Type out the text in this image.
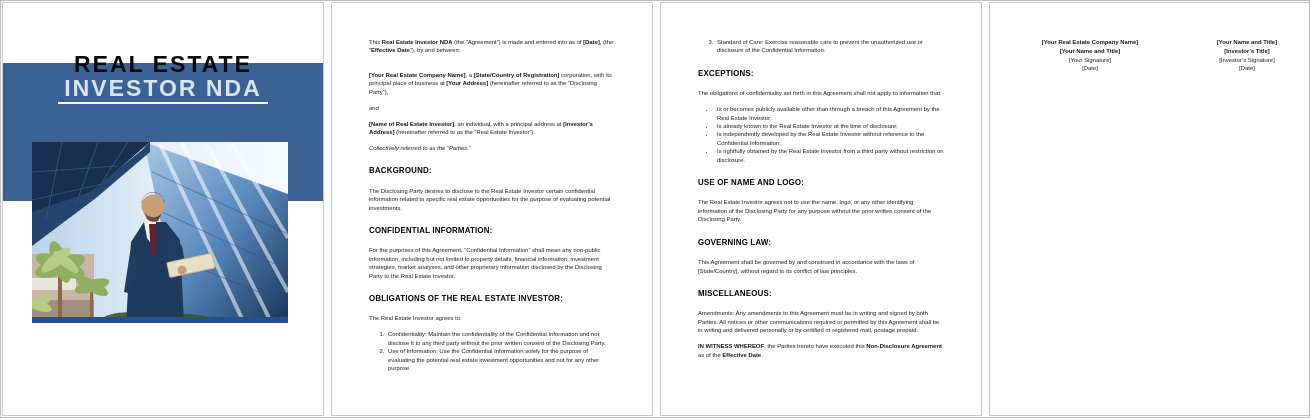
REAL ESTATE
INVESTOR NDA

This Real Estate Investor NDA (the “Agreement”) is made and entered into as of [Date], (the “Effective Date”), by and between:

[Your Real Estate Company Name], a [State/Country of Registration] corporation, with its principal place of business at [Your Address] (hereinafter referred to as the “Disclosing Party”),

and

[Name of Real Estate Investor], an individual, with a principal address at [Investor’s Address] (hereinafter referred to as the “Real Estate Investor”).

Collectively referred to as the “Parties.”

BACKGROUND:

The Disclosing Party desires to disclose to the Real Estate Investor certain confidential information related to specific real estate opportunities for the purpose of evaluating potential investments.

CONFIDENTIAL INFORMATION:

For the purposes of this Agreement, “Confidential Information” shall mean any non-public information, including but not limited to property details, financial information, investment strategies, market analyses, and other proprietary information disclosed by the Disclosing Party to the Real Estate Investor.

OBLIGATIONS OF THE REAL ESTATE INVESTOR:

The Real Estate Investor agrees to:

1. Confidentiality: Maintain the confidentiality of the Confidential Information and not disclose it to any third party without the prior written consent of the Disclosing Party.
2. Use of Information: Use the Confidential Information solely for the purpose of evaluating the potential real estate investment opportunities and not for any other purpose.
3. Standard of Care: Exercise reasonable care to prevent the unauthorized use or disclosure of the Confidential Information.
EXCEPTIONS:

The obligations of confidentiality set forth in this Agreement shall not apply to information that:

• Is or becomes publicly available other than through a breach of this Agreement by the Real Estate Investor;
• Is already known to the Real Estate Investor at the time of disclosure;
• Is independently developed by the Real Estate Investor without reference to the Confidential Information;
• Is rightfully obtained by the Real Estate Investor from a third party without restriction on disclosure.
USE OF NAME AND LOGO:

The Real Estate Investor agrees not to use the name, logo, or any other identifying information of the Disclosing Party for any purpose without the prior written consent of the Disclosing Party.

GOVERNING LAW:

This Agreement shall be governed by and construed in accordance with the laws of [State/Country], without regard to its conflict of law principles.

MISCELLANEOUS:

Amendments: Any amendments to this Agreement must be in writing and signed by both Parties. All notices or other communications required or permitted by this Agreement shall be in writing and delivered personally or by certified or registered mail, postage prepaid.

IN WITNESS WHEREOF, the Parties hereto have executed this Non-Disclosure Agreement as of the Effective Date.

[Your Real Estate Company Name]
[Your Name and Title]
[Your Signature]
[Date]
[Your Name and Title]
[Investor’s Title]
[Investor’s Signature]
[Date]
